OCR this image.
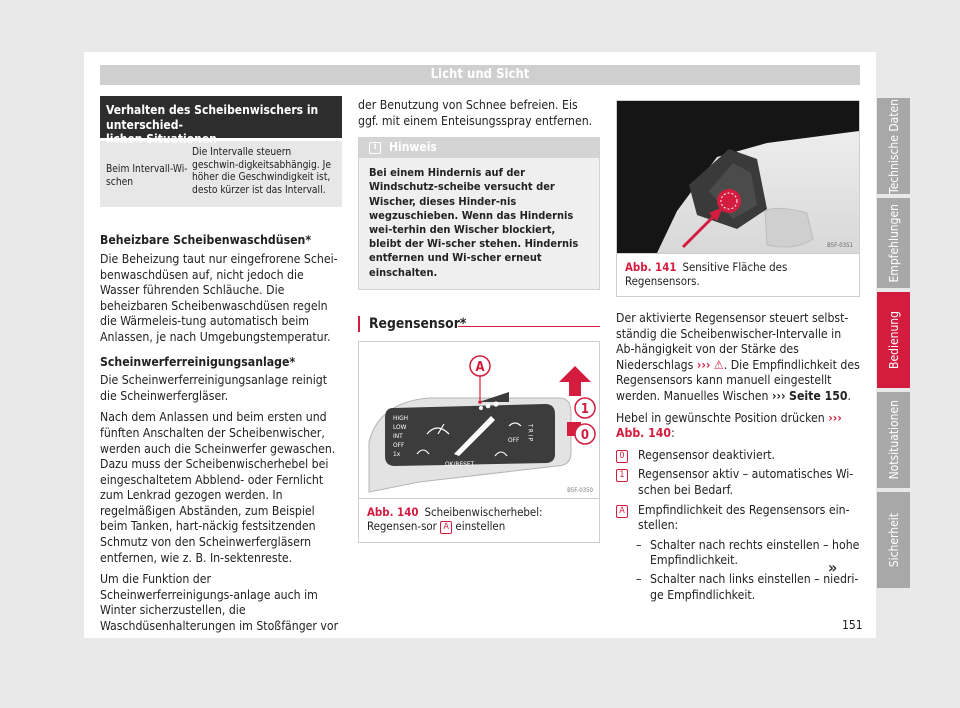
Licht und Sicht
Verhalten des Scheibenwischers in unterschied-
lichen Situationen
Beim Intervall-Wi-schen
Die Intervalle steuern geschwin-digkeitsabhängig. Je höher die Geschwindigkeit ist, desto kürzer ist das Intervall.
Beheizbare Scheibenwaschdüsen*

Die Beheizung taut nur eingefrorene Schei-benwaschdüsen auf, nicht jedoch die Wasser führenden Schläuche. Die beheizbaren Scheibenwaschdüsen regeln die Wärmeleis-tung automatisch beim Anlassen, je nach Umgebungstemperatur.

Scheinwerferreinigungsanlage*

Die Scheinwerferreinigungsanlage reinigt die Scheinwerfergläser.

Nach dem Anlassen und beim ersten und fünften Anschalten der Scheibenwischer, werden auch die Scheinwerfer gewaschen. Dazu muss der Scheibenwischerhebel bei eingeschaltetem Abblend- oder Fernlicht zum Lenkrad gezogen werden. In regelmäßigen Abständen, zum Beispiel beim Tanken, hart-näckig festsitzenden Schmutz von den Scheinwerfergläsern entfernen, wie z. B. In-sektenreste.

Um die Funktion der Scheinwerferreinigungs-anlage auch im Winter sicherzustellen, die Waschdüsenhalterungen im Stoßfänger vor

der Benutzung von Schnee befreien. Eis ggf. mit einem Enteisungsspray entfernen.

i	Hinweis
Bei einem Hindernis auf der Windschutz-scheibe versucht der Wischer, dieses Hinder-nis wegzuschieben. Wenn das Hindernis wei-terhin den Wischer blockiert, bleibt der Wi-scher stehen. Hindernis entfernen und Wi-scher erneut einschalten.
Regensensor*
HIGH
LOW
INT
OFF
1x
OFF
OK/RESET
T R I P
A
1
0
B5F-0350
Abb. 140 Scheibenwischerhebel: Regensen-sor A einstellen
B5F-0351
Abb. 141 Sensitive Fläche des Regensensors.

Der aktivierte Regensensor steuert selbst-ständig die Scheibenwischer-Intervalle in Ab-hängigkeit von der Stärke des Niederschlags ››› ⚠. Die Empfindlichkeit des Regensensors kann manuell eingestellt werden. Manuelles Wischen ››› Seite 150.

Hebel in gewünschte Position drücken ››› Abb. 140:

0 Regensensor deaktiviert.
1 Regensensor aktiv – automatisches Wi-schen bei Bedarf.
A Empfindlichkeit des Regensensors ein-stellen:
– Schalter nach rechts einstellen – hohe Empfindlichkeit.
– Schalter nach links einstellen – niedri-ge Empfindlichkeit.
»
151
Technische Daten
Empfehlungen
Bedienung
Notsituationen
Sicherheit
